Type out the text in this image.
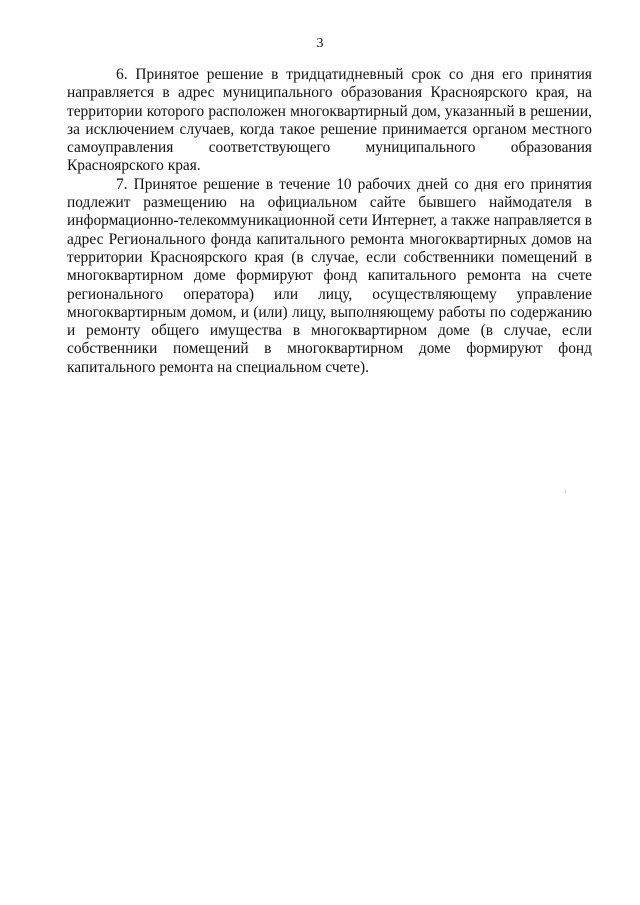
3

6. Принятое решение в тридцатидневный срок со дня его принятия направляется в адрес муниципального образования Красноярского края, на территории которого расположен многоквартирный дом, указанный в решении, за исключением случаев, когда такое решение принимается органом местного самоуправления соответствующего муниципального образования Красноярского края.

7. Принятое решение в течение 10 рабочих дней со дня его принятия подлежит размещению на официальном сайте бывшего наймодателя в информационно-телекоммуникационной сети Интернет, а также направляется в адрес Регионального фонда капитального ремонта многоквартирных домов на территории Красноярского края (в случае, если собственники помещений в многоквартирном доме формируют фонд капитального ремонта на счете регионального оператора) или лицу, осуществляющему управление многоквартирным домом, и (или) лицу, выполняющему работы по содержанию и ремонту общего имущества в многоквартирном доме (в случае, если собственники помещений в многоквартирном доме формируют фонд капитального ремонта на специальном счете).
